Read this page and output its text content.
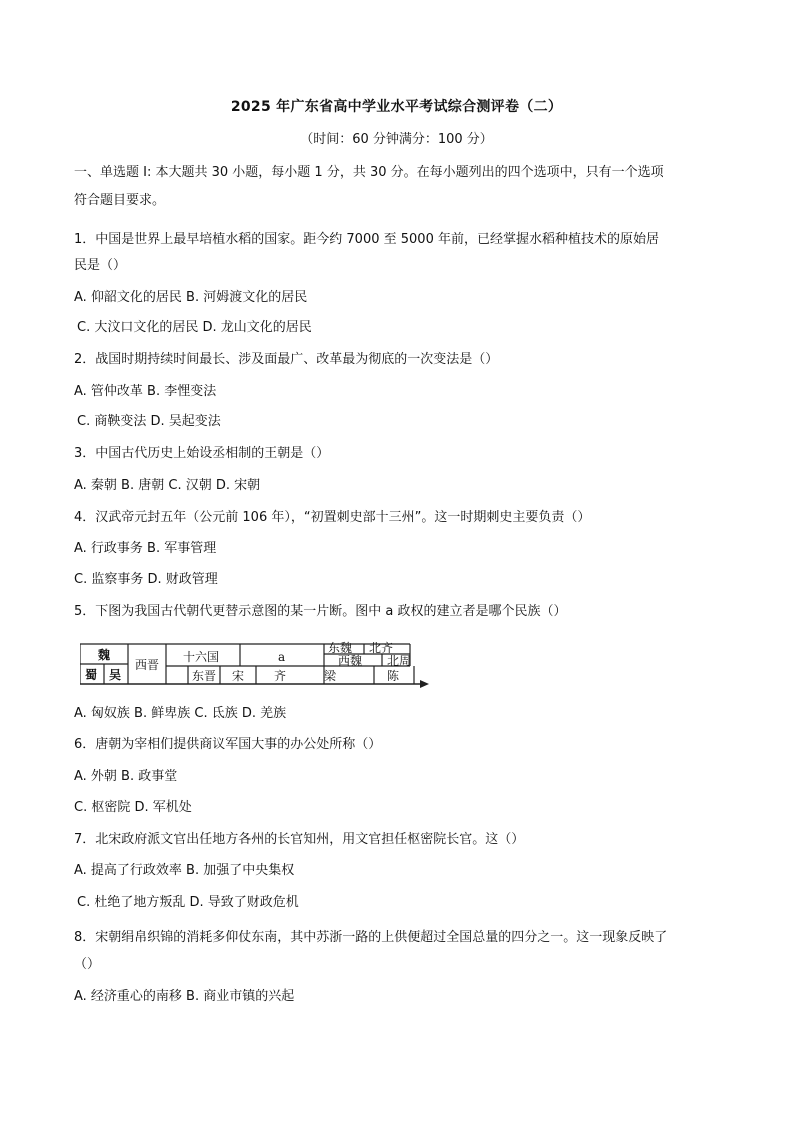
2025 年广东省高中学业水平考试综合测评卷（二）
（时间：60 分钟满分：100 分）
一、单选题 I: 本大题共 30 小题，每小题 1 分，共 30 分。在每小题列出的四个选项中，只有一个选项
符合题目要求。
1．中国是世界上最早培植水稻的国家。距今约 7000 至 5000 年前，已经掌握水稻种植技术的原始居
民是（）
A. 仰韶文化的居民 B. 河姆渡文化的居民
C. 大汶口文化的居民 D. 龙山文化的居民
2．战国时期持续时间最长、涉及面最广、改革最为彻底的一次变法是（）
A. 管仲改革 B. 李悝变法
C. 商鞅变法 D. 吴起变法
3．中国古代历史上始设丞相制的王朝是（）
A. 秦朝 B. 唐朝 C. 汉朝 D. 宋朝
4．汉武帝元封五年（公元前 106 年），“初置刺史部十三州”。这一时期刺史主要负责（）
A. 行政事务 B. 军事管理
C. 监察事务 D. 财政管理
5．下图为我国古代朝代更替示意图的某一片断。图中 a 政权的建立者是哪个民族（）
魏
蜀 吴
西晋
十六国	a
东魏 北齐
西魏 北周
东晋 宋 齐	梁	陈
A. 匈奴族 B. 鲜卑族 C. 氐族 D. 羌族
6．唐朝为宰相们提供商议军国大事的办公处所称（）
A. 外朝 B. 政事堂
C. 枢密院 D. 军机处
7．北宋政府派文官出任地方各州的长官知州，用文官担任枢密院长官。这（）
A. 提高了行政效率 B. 加强了中央集权
C. 杜绝了地方叛乱 D. 导致了财政危机
8．宋朝绢帛织锦的消耗多仰仗东南，其中苏浙一路的上供便超过全国总量的四分之一。这一现象反映了
（）
A. 经济重心的南移 B. 商业市镇的兴起
